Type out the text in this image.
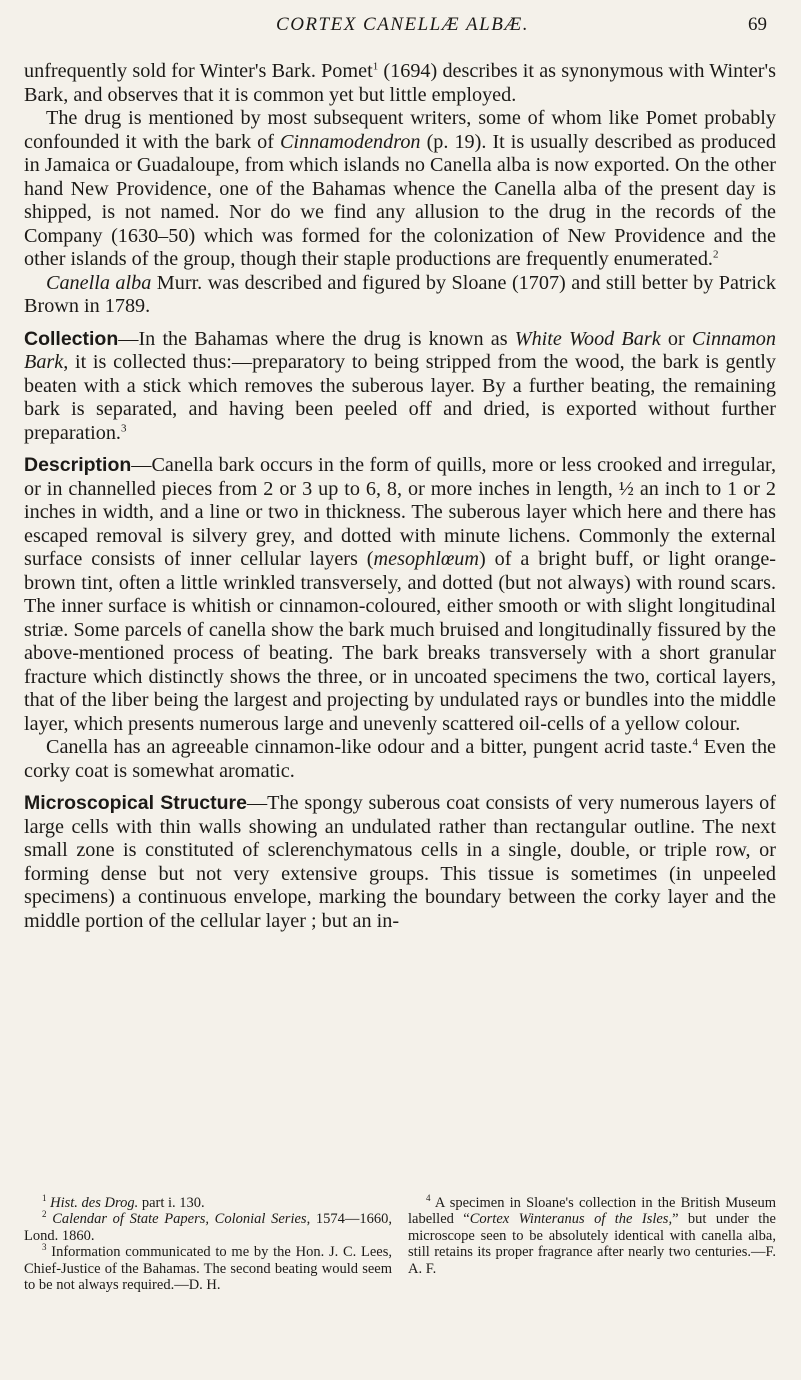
CORTEX CANELLÆ ALBÆ.	69

unfrequently sold for Winter's Bark. Pomet$^1$ (1694) describes it as synonymous with Winter's Bark, and observes that it is common yet but little employed.

The drug is mentioned by most subsequent writers, some of whom like Pomet probably confounded it with the bark of Cinnamodendron (p. 19). It is usually described as produced in Jamaica or Guadaloupe, from which islands no Canella alba is now exported. On the other hand New Providence, one of the Bahamas whence the Canella alba of the present day is shipped, is not named. Nor do we find any allusion to the drug in the records of the Company (1630–50) which was formed for the colonization of New Providence and the other islands of the group, though their staple productions are frequently enumerated.$^2$

Canella alba Murr. was described and figured by Sloane (1707) and still better by Patrick Brown in 1789.

Collection—In the Bahamas where the drug is known as White Wood Bark or Cinnamon Bark, it is collected thus:—preparatory to being stripped from the wood, the bark is gently beaten with a stick which removes the suberous layer. By a further beating, the remaining bark is separated, and having been peeled off and dried, is exported without further preparation.$^3$

Description—Canella bark occurs in the form of quills, more or less crooked and irregular, or in channelled pieces from 2 or 3 up to 6, 8, or more inches in length, ½ an inch to 1 or 2 inches in width, and a line or two in thickness. The suberous layer which here and there has escaped removal is silvery grey, and dotted with minute lichens. Commonly the external surface consists of inner cellular layers (mesophlœum) of a bright buff, or light orange-brown tint, often a little wrinkled transversely, and dotted (but not always) with round scars. The inner surface is whitish or cinnamon-coloured, either smooth or with slight longitudinal striæ. Some parcels of canella show the bark much bruised and longitudinally fissured by the above-mentioned process of beating. The bark breaks transversely with a short granular fracture which distinctly shows the three, or in uncoated specimens the two, cortical layers, that of the liber being the largest and projecting by undulated rays or bundles into the middle layer, which presents numerous large and unevenly scattered oil-cells of a yellow colour.

Canella has an agreeable cinnamon-like odour and a bitter, pungent acrid taste.$^4$ Even the corky coat is somewhat aromatic.

Microscopical Structure—The spongy suberous coat consists of very numerous layers of large cells with thin walls showing an undulated rather than rectangular outline. The next small zone is constituted of sclerenchymatous cells in a single, double, or triple row, or forming dense but not very extensive groups. This tissue is sometimes (in unpeeled specimens) a continuous envelope, marking the boundary between the corky layer and the middle portion of the cellular layer ; but an in-

$^1$ Hist. des Drog. part i. 130.

$^2$ Calendar of State Papers, Colonial Series, 1574—1660, Lond. 1860.

$^3$ Information communicated to me by the Hon. J. C. Lees, Chief-Justice of the Bahamas. The second beating would seem to be not always required.—D. H.

$^4$ A specimen in Sloane's collection in the British Museum labelled “Cortex Winteranus of the Isles,” but under the microscope seen to be absolutely identical with canella alba, still retains its proper fragrance after nearly two centuries.—F. A. F.
